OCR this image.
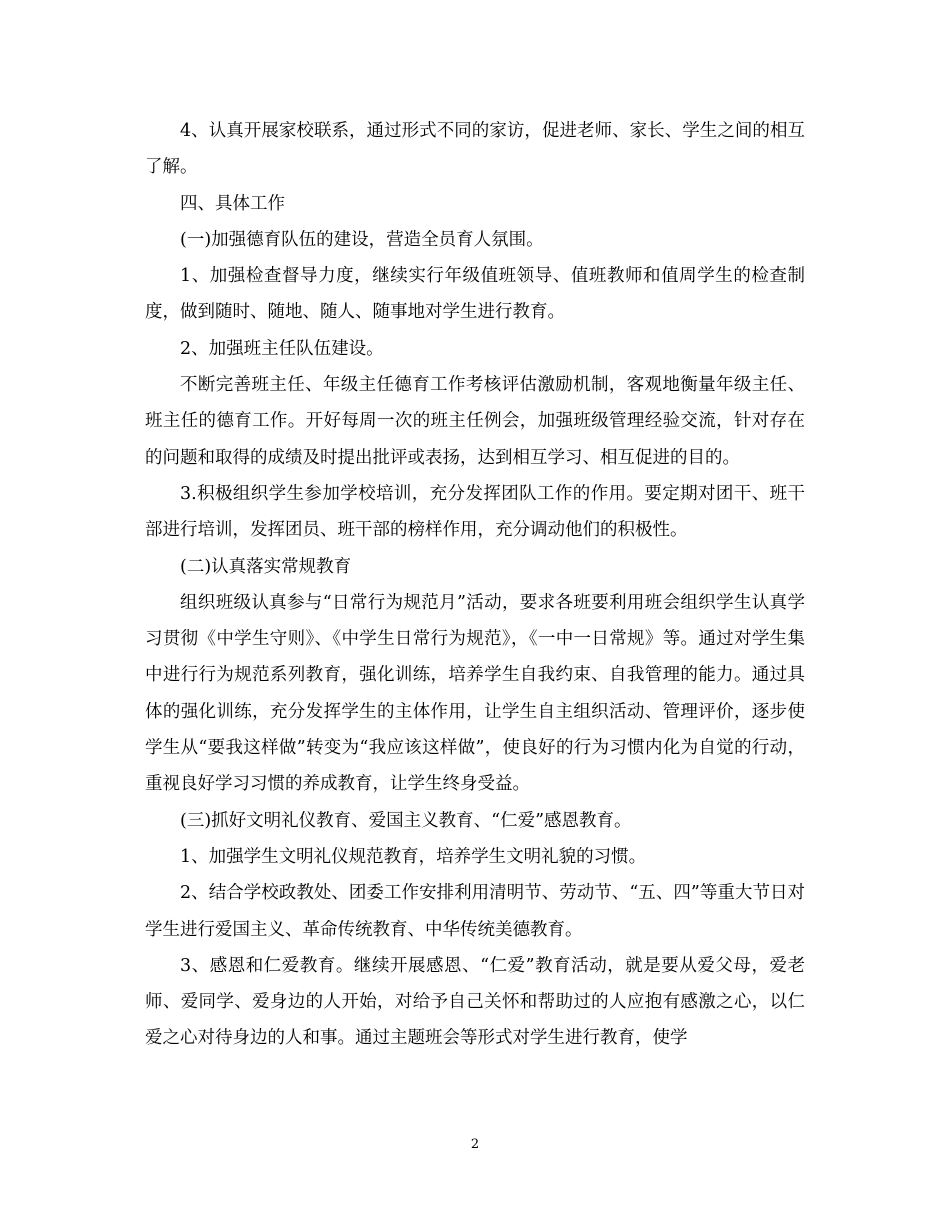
4、认真开展家校联系，通过形式不同的家访，促进老师、家长、学生之间的相互了解。

四、具体工作

(一)加强德育队伍的建设，营造全员育人氛围。

1、加强检查督导力度，继续实行年级值班领导、值班教师和值周学生的检查制度，做到随时、随地、随人、随事地对学生进行教育。

2、加强班主任队伍建设。

不断完善班主任、年级主任德育工作考核评估激励机制，客观地衡量年级主任、班主任的德育工作。开好每周一次的班主任例会，加强班级管理经验交流，针对存在的问题和取得的成绩及时提出批评或表扬，达到相互学习、相互促进的目的。

3.积极组织学生参加学校培训，充分发挥团队工作的作用。要定期对团干、班干部进行培训，发挥团员、班干部的榜样作用，充分调动他们的积极性。

(二)认真落实常规教育

组织班级认真参与“日常行为规范月”活动，要求各班要利用班会组织学生认真学习贯彻《中学生守则》、《中学生日常行为规范》，《一中一日常规》等。通过对学生集中进行行为规范系列教育，强化训练，培养学生自我约束、自我管理的能力。通过具体的强化训练，充分发挥学生的主体作用，让学生自主组织活动、管理评价，逐步使学生从“要我这样做”转变为“我应该这样做”，使良好的行为习惯内化为自觉的行动，重视良好学习习惯的养成教育，让学生终身受益。

(三)抓好文明礼仪教育、爱国主义教育、“仁爱”感恩教育。

1、加强学生文明礼仪规范教育，培养学生文明礼貌的习惯。

2、结合学校政教处、团委工作安排利用清明节、劳动节、“五、四”等重大节日对学生进行爱国主义、革命传统教育、中华传统美德教育。

3、感恩和仁爱教育。继续开展感恩、“仁爱”教育活动，就是要从爱父母，爱老师、爱同学、爱身边的人开始，对给予自己关怀和帮助过的人应抱有感激之心，以仁爱之心对待身边的人和事。通过主题班会等形式对学生进行教育，使学

2
